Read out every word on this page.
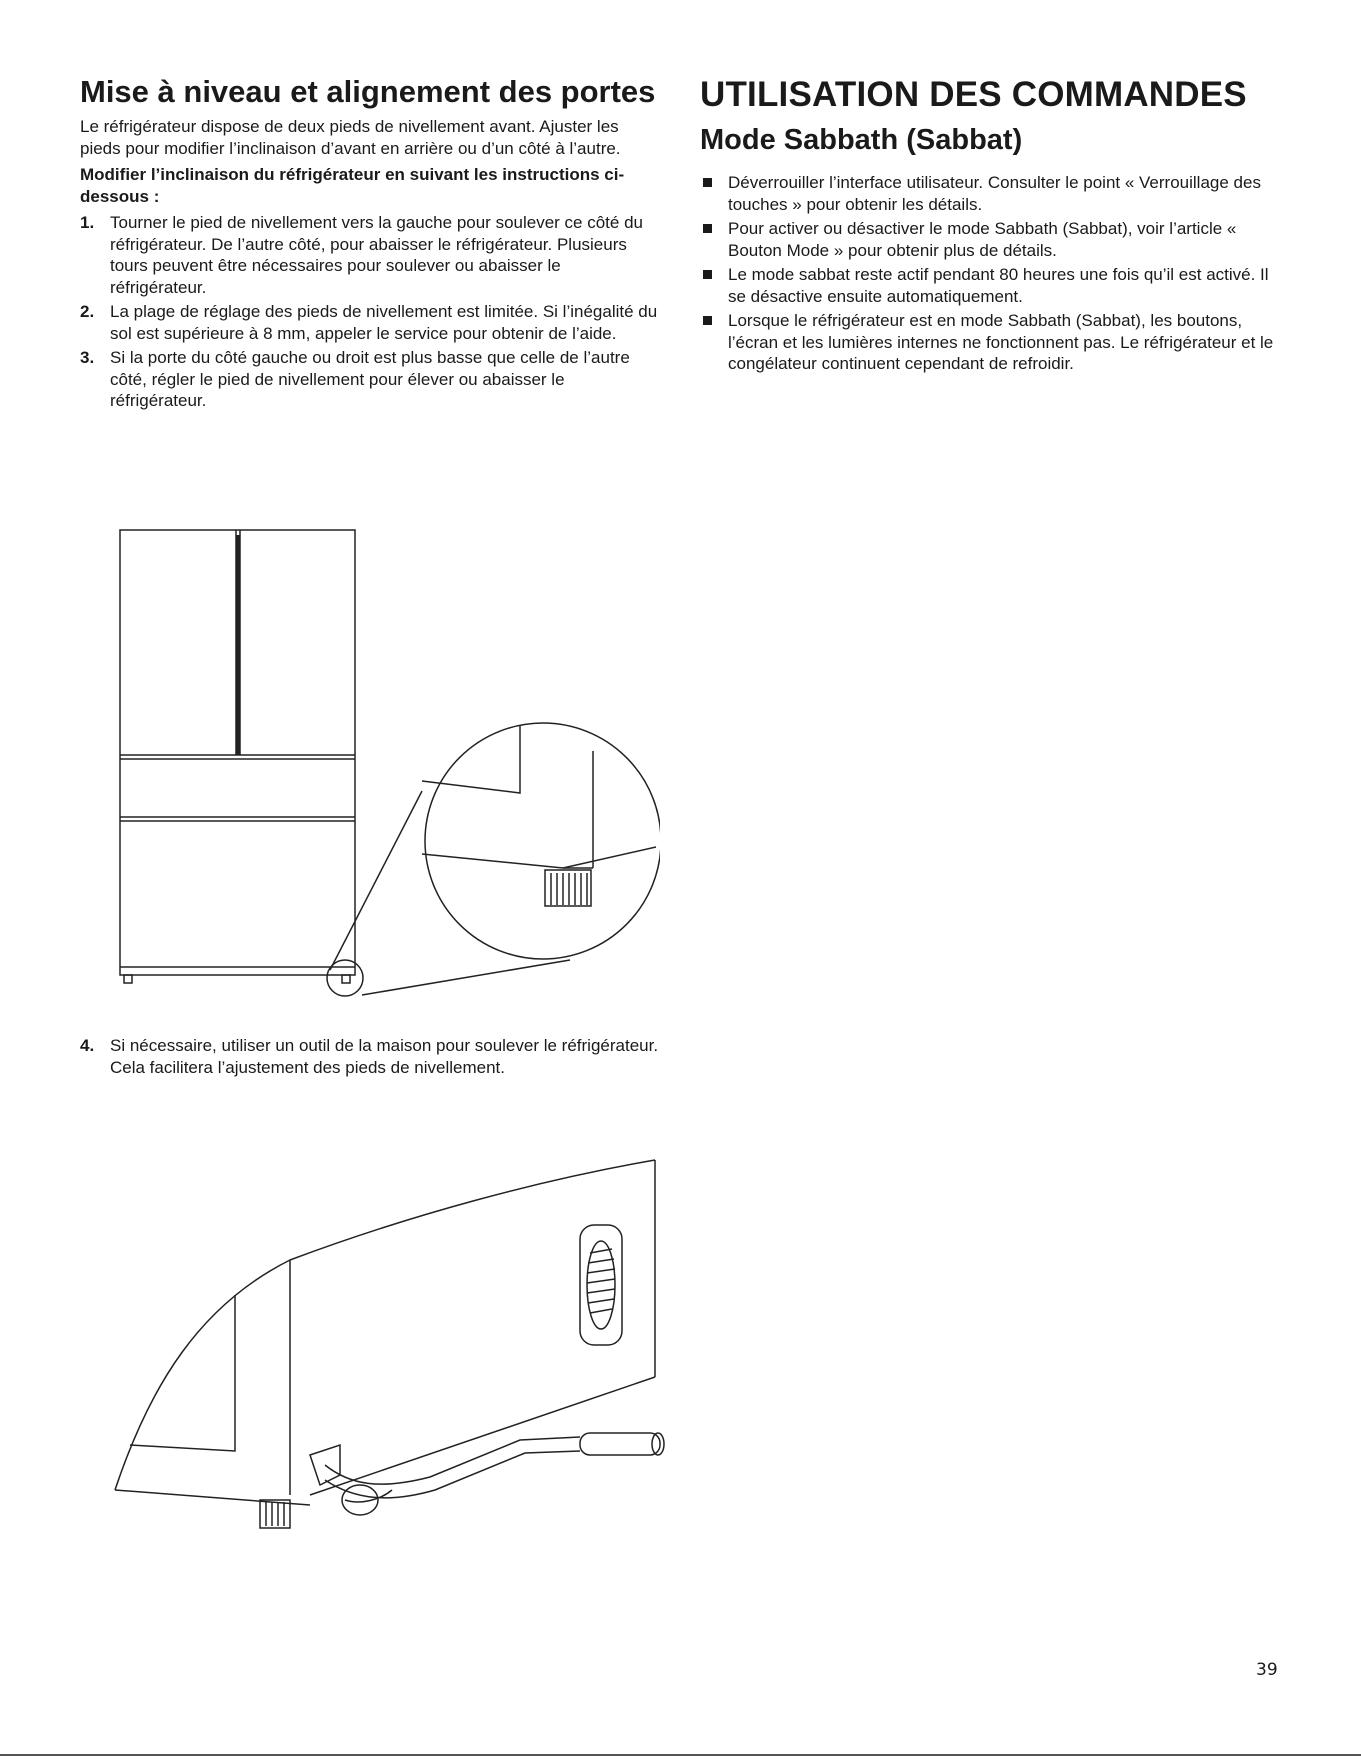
Mise à niveau et alignement des portes

Le réfrigérateur dispose de deux pieds de nivellement avant. Ajuster les pieds pour modifier l’inclinaison d’avant en arrière ou d’un côté à l’autre.

Modifier l’inclinaison du réfrigérateur en suivant les instructions ci-dessous :

1. Tourner le pied de nivellement vers la gauche pour soulever ce côté du réfrigérateur. De l’autre côté, pour abaisser le réfrigérateur. Plusieurs tours peuvent être nécessaires pour soulever ou abaisser le réfrigérateur.
2. La plage de réglage des pieds de nivellement est limitée. Si l’inégalité du sol est supérieure à 8 mm, appeler le service pour obtenir de l’aide.
3. Si la porte du côté gauche ou droit est plus basse que celle de l’autre côté, régler le pied de nivellement pour élever ou abaisser le réfrigérateur.
4. Si nécessaire, utiliser un outil de la maison pour soulever le réfrigérateur. Cela facilitera l’ajustement des pieds de nivellement.
UTILISATION DES COMMANDES
Mode Sabbath (Sabbat)
Déverrouiller l’interface utilisateur. Consulter le point « Verrouillage des touches » pour obtenir les détails.
Pour activer ou désactiver le mode Sabbath (Sabbat), voir l’article « Bouton Mode » pour obtenir plus de détails.
Le mode sabbat reste actif pendant 80 heures une fois qu’il est activé. Il se désactive ensuite automatiquement.
Lorsque le réfrigérateur est en mode Sabbath (Sabbat), les boutons, l’écran et les lumières internes ne fonctionnent pas. Le réfrigérateur et le congélateur continuent cependant de refroidir.
39
